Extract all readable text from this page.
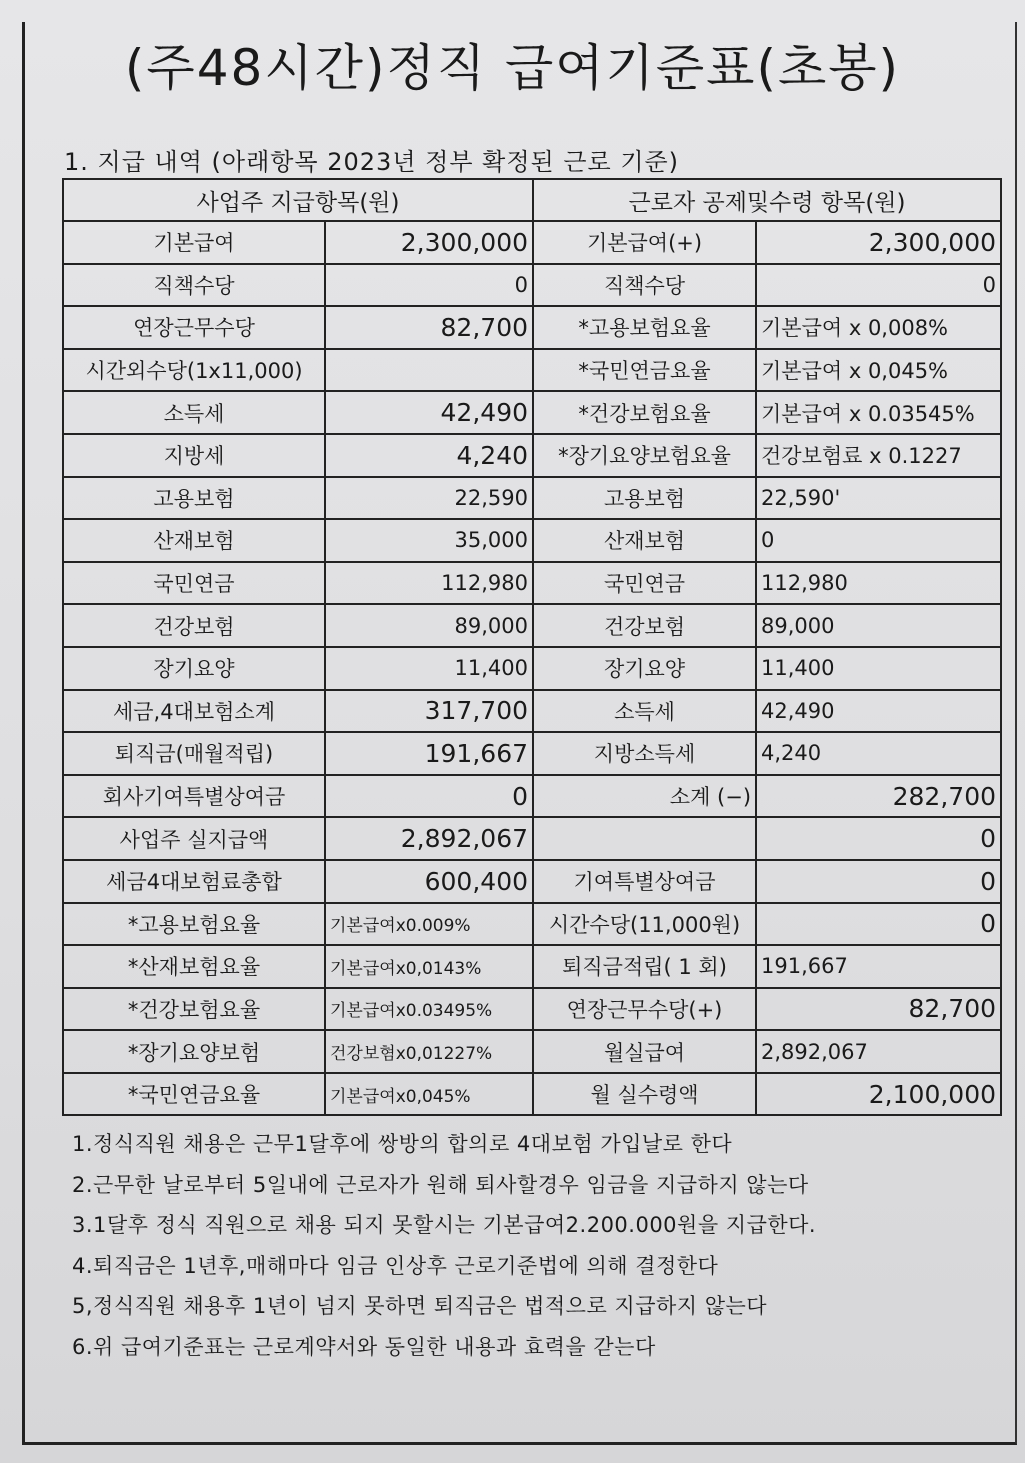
(주48시간)정직 급여기준표(초봉)
1. 지급 내역 (아래항목 2023년 정부 확정된 근로 기준)
사업주 지급항목(원)		근로자 공제및수령 항목(원)	
기본급여	2,300,000	기본급여(+)	2,300,000
직책수당	0	직책수당	0
연장근무수당	82,700	*고용보험요율	기본급여 x 0,008%
시간외수당(1x11,000)		*국민연금요율	기본급여 x 0,045%
소득세	42,490	*건강보험요율	기본급여 x 0.03545%
지방세	4,240	*장기요양보험요율	건강보험료 x 0.1227
고용보험	22,590	고용보험	22,590'
산재보험	35,000	산재보험	0
국민연금	112,980	국민연금	112,980
건강보험	89,000	건강보험	89,000
장기요양	11,400	장기요양	11,400
세금,4대보험소계	317,700	소득세	42,490
퇴직금(매월적립)	191,667	지방소득세	4,240
회사기여특별상여금	0	소계 (−)	282,700
사업주 실지급액	2,892,067		0
세금4대보험료총합	600,400	기여특별상여금	0
*고용보험요율	기본급여x0.009%	시간수당(11,000원)	0
*산재보험요율	기본급여x0,0143%	퇴직금적립( 1 회)	191,667
*건강보험요율	기본급여x0.03495%	연장근무수당(+)	82,700
*장기요양보험	건강보혐x0,01227%	월실급여	2,892,067
*국민연금요율	기본급여x0,045%	월 실수령액	2,100,000
1.정식직원 채용은 근무1달후에 쌍방의 합의로 4대보험 가입날로 한다
2.근무한 날로부터 5일내에 근로자가 원해 퇴사할경우 임금을 지급하지 않는다
3.1달후 정식 직원으로 채용 되지 못할시는 기본급여2.200.000원을 지급한다.
4.퇴직금은 1년후,매해마다 임금 인상후 근로기준법에 의해 결정한다
5,정식직원 채용후 1년이 넘지 못하면 퇴직금은 법적으로 지급하지 않는다
6.위 급여기준표는 근로계약서와 동일한 내용과 효력을 갇는다
